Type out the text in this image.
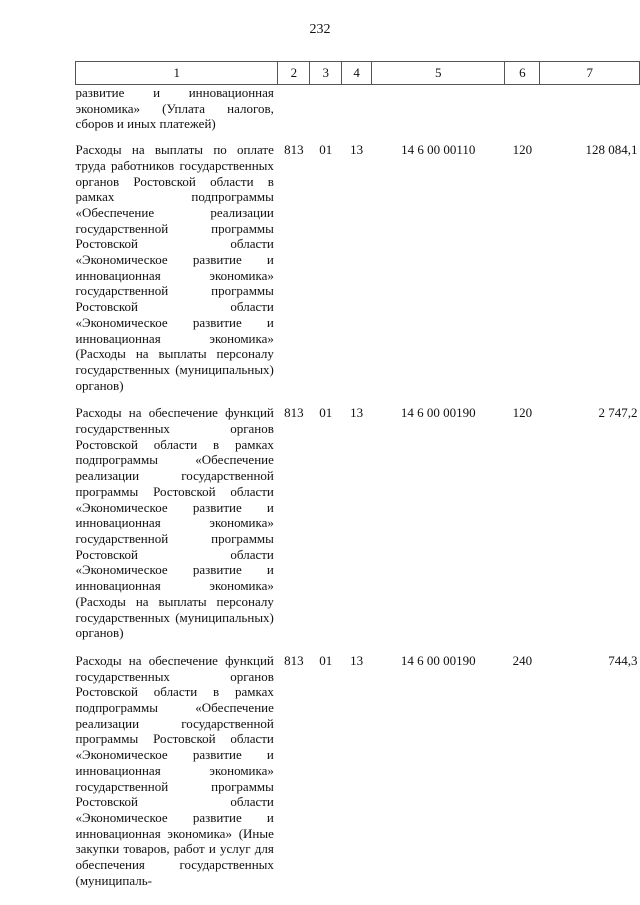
232
1	2	3	4	5	6	7
развитие и инновационная экономика» (Уплата налогов, сборов и иных платежей)						
Расходы на выплаты по оплате труда работников государственных органов Ростовской области в рамках подпрограммы «Обеспечение реализации государственной программы Ростовской области «Экономическое развитие и инновационная экономика» государственной программы Ростовской области «Экономическое развитие и инновационная экономика» (Расходы на выплаты персоналу государственных (муниципальных) органов)	813	01	13	14 6 00 00110	120	128 084,1
Расходы на обеспечение функций государственных органов Ростовской области в рамках подпрограммы «Обеспечение реализации государственной программы Ростовской области «Экономическое развитие и инновационная экономика» государственной программы Ростовской области «Экономическое развитие и инновационная экономика» (Расходы на выплаты персоналу государственных (муниципальных) органов)	813	01	13	14 6 00 00190	120	2 747,2
Расходы на обеспечение функций государственных органов Ростовской области в рамках подпрограммы «Обеспечение реализации государственной программы Ростовской области «Экономическое развитие и инновационная экономика» государственной программы Ростовской области «Экономическое развитие и инновационная экономика» (Иные закупки товаров, работ и услуг для обеспечения государственных (муниципаль-	813	01	13	14 6 00 00190	240	744,3
